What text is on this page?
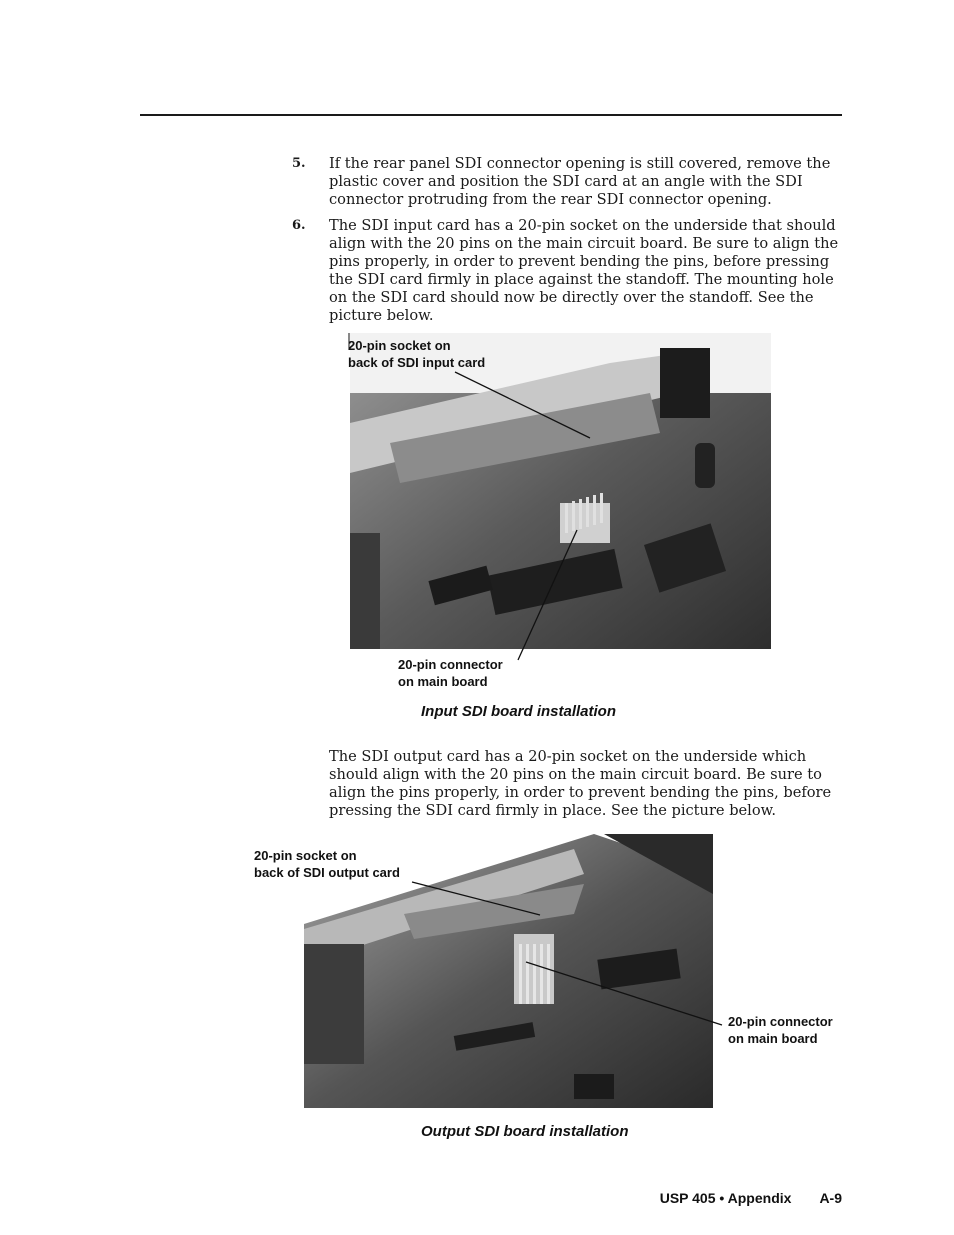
5. If the rear panel SDI connector opening is still covered, remove the plastic cover and position the SDI card at an angle with the SDI connector protruding from the rear SDI connector opening.
6. The SDI input card has a 20-pin socket on the underside that should align with the 20 pins on the main circuit board. Be sure to align the pins properly, in order to prevent bending the pins, before pressing the SDI card firmly in place against the standoff. The mounting hole on the SDI card should now be directly over the standoff. See the picture below.
20-pin socket on
back of SDI input card
20-pin connector
on main board
Input SDI board installation
The SDI output card has a 20-pin socket on the underside which should align with the 20 pins on the main circuit board. Be sure to align the pins properly, in order to prevent bending the pins, before pressing the SDI card firmly in place. See the picture below.
20-pin socket on
back of SDI output card
20-pin connector
on main board
Output SDI board installation
USP 405 • Appendix A-9
